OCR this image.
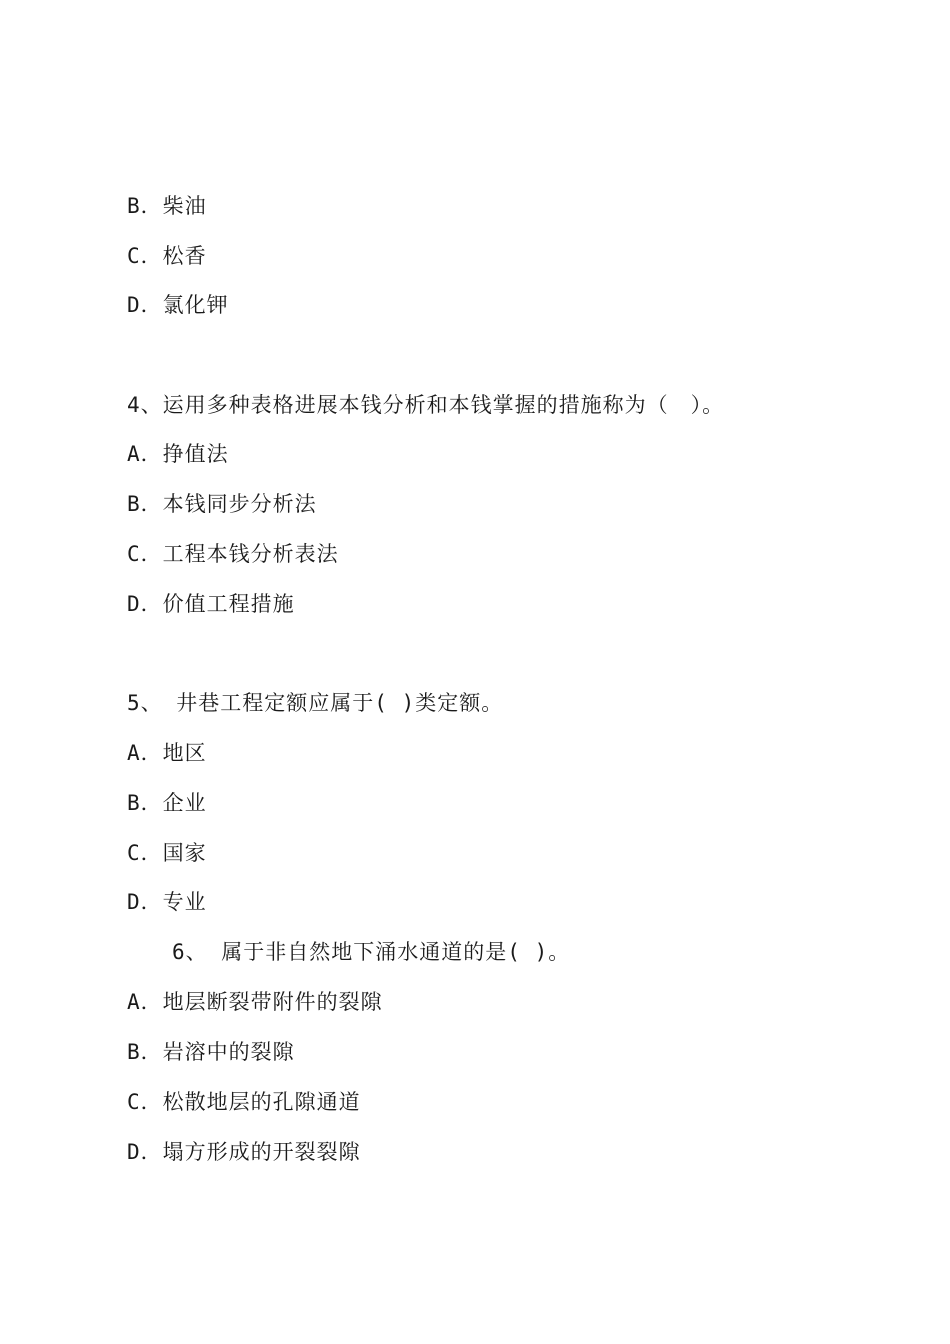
B．柴油
C．松香
D．氯化钾
4、运用多种表格进展本钱分析和本钱掌握的措施称为（　）。
A．挣值法
B．本钱同步分析法
C．工程本钱分析表法
D．价值工程措施
5、 井巷工程定额应属于( )类定额。
A．地区
B．企业
C．国家
D．专业
6、 属于非自然地下涌水通道的是( )。
A．地层断裂带附件的裂隙
B．岩溶中的裂隙
C．松散地层的孔隙通道
D．塌方形成的开裂裂隙
